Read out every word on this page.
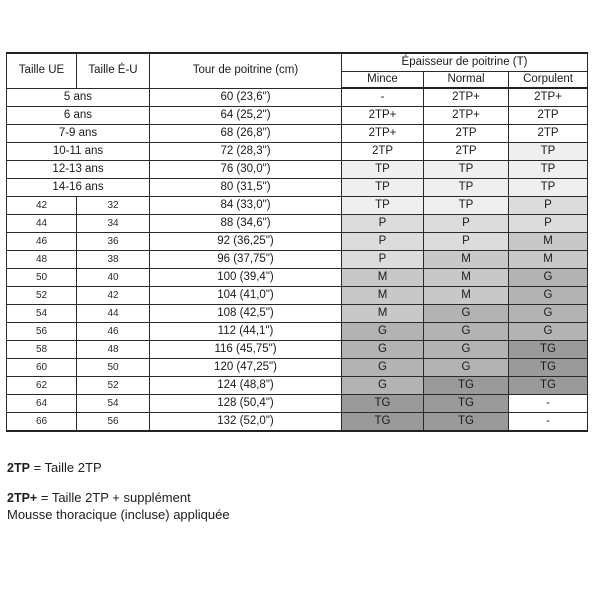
Taille UE	Taille É-U	Tour de poitrine (cm)	Épaisseur de poitrine (T)		
			Mince	Normal	Corpulent
5 ans		60 (23,6")	-	2TP+	2TP+
6 ans		64 (25,2")	2TP+	2TP+	2TP
7-9 ans		68 (26,8")	2TP+	2TP	2TP
10-11 ans		72 (28,3")	2TP	2TP	TP
12-13 ans		76 (30,0")	TP	TP	TP
14-16 ans		80 (31,5")	TP	TP	TP
42	32	84 (33,0")	TP	TP	P
44	34	88 (34,6")	P	P	P
46	36	92 (36,25")	P	P	M
48	38	96 (37,75")	P	M	M
50	40	100 (39,4")	M	M	G
52	42	104 (41,0")	M	M	G
54	44	108 (42,5")	M	G	G
56	46	112 (44,1")	G	G	G
58	48	116 (45,75")	G	G	TG
60	50	120 (47,25")	G	G	TG
62	52	124 (48,8")	G	TG	TG
64	54	128 (50,4")	TG	TG	-
66	56	132 (52,0")	TG	TG	-
2TP = Taille 2TP
2TP+ = Taille 2TP + supplément
Mousse thoracique (incluse) appliquée
